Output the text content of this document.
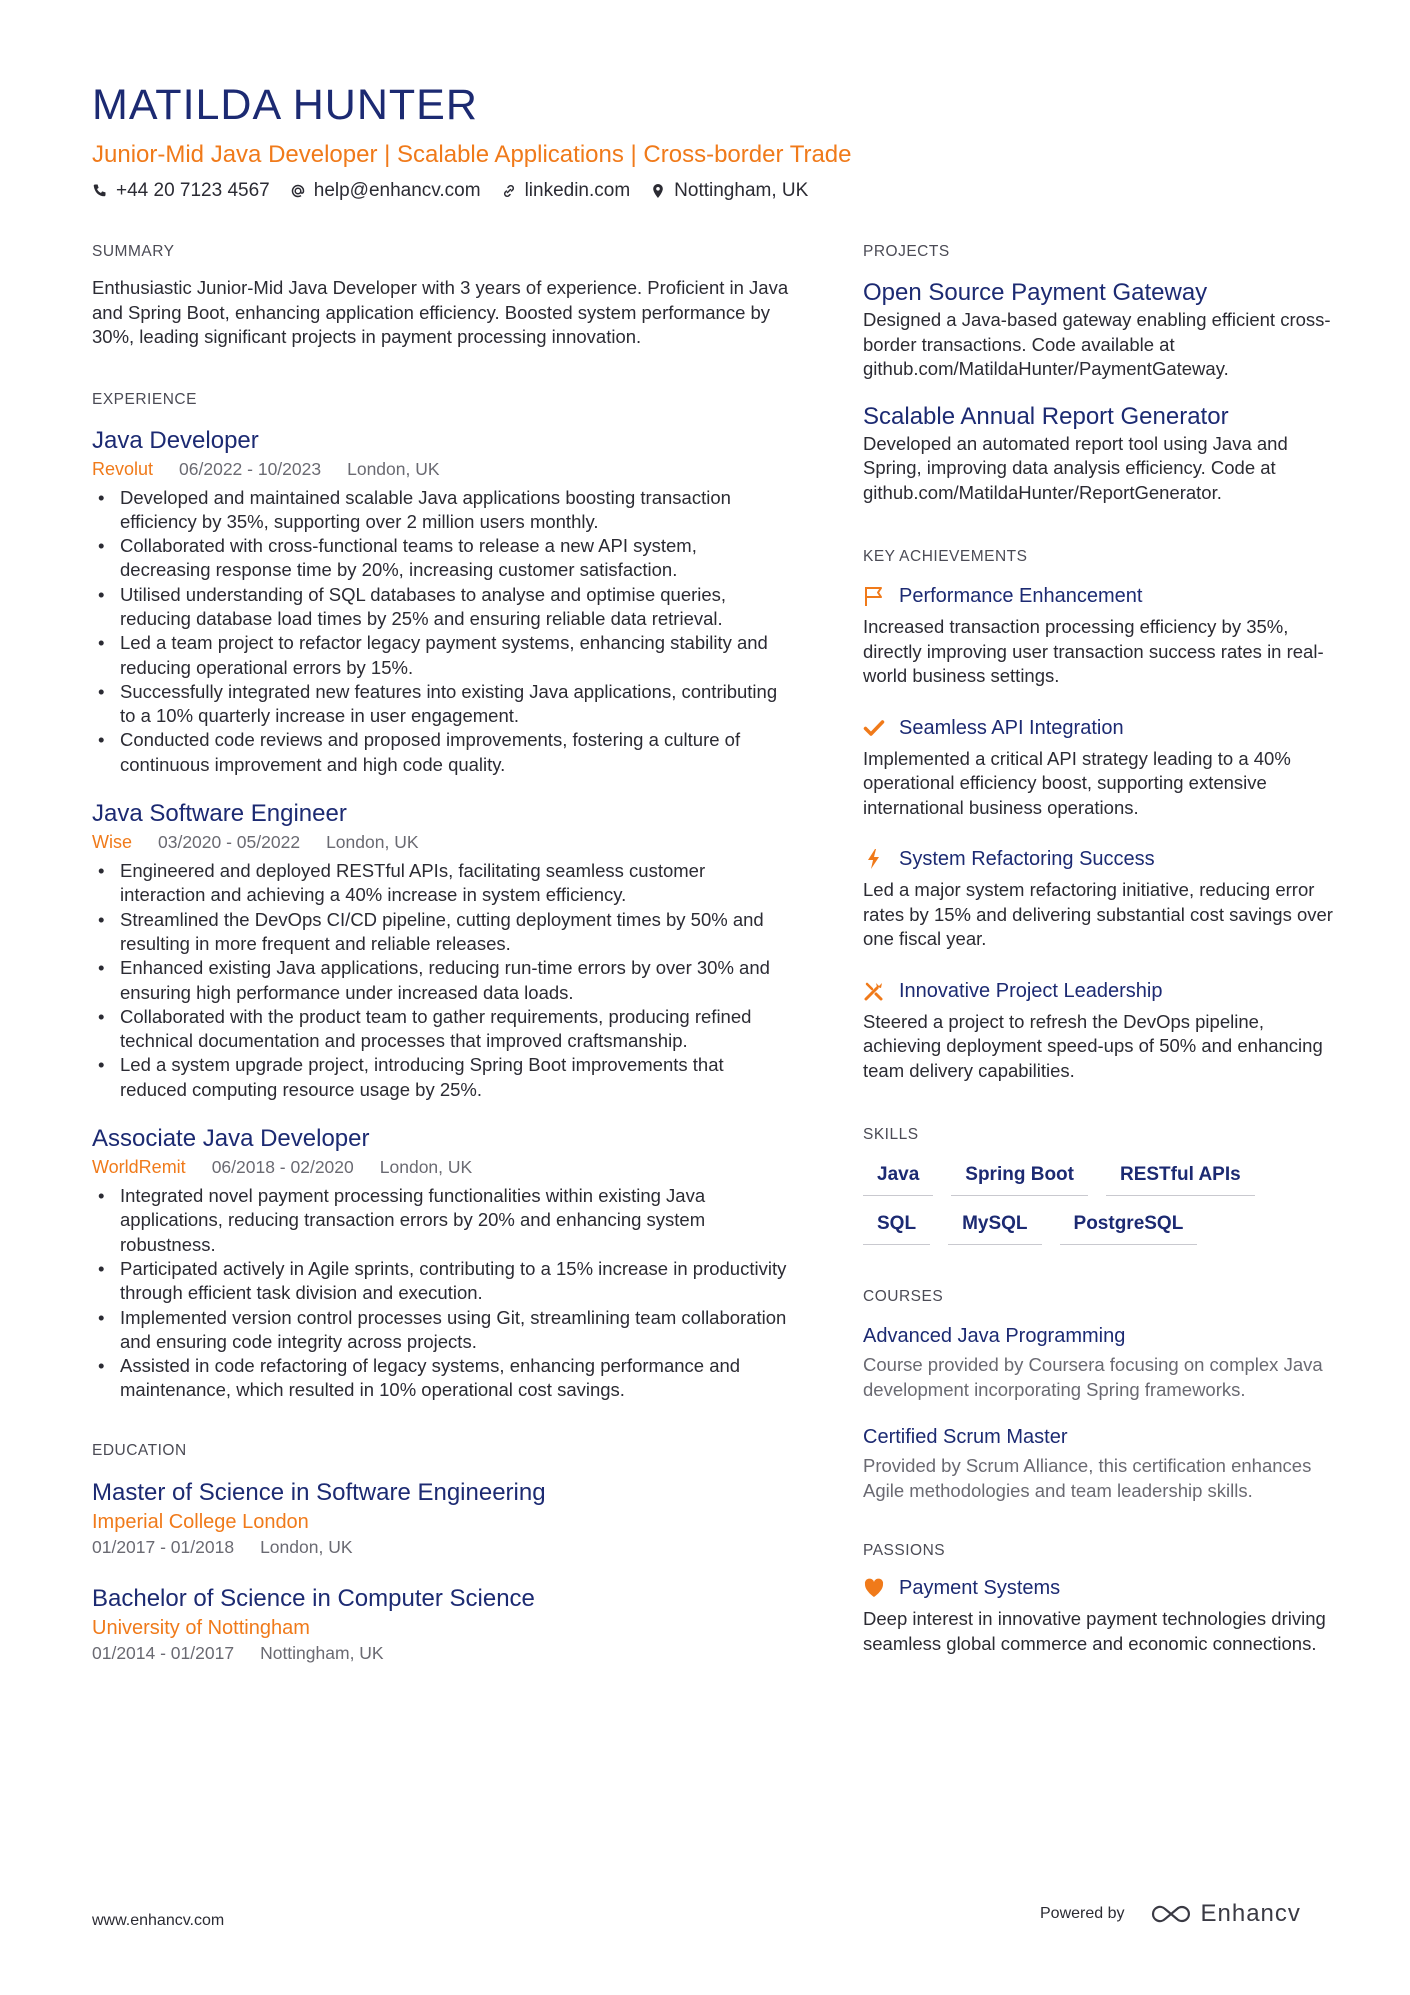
MATILDA HUNTER
Junior-Mid Java Developer | Scalable Applications | Cross-border Trade
+44 20 7123 4567 help@enhancv.com linkedin.com Nottingham, UK
SUMMARY
Enthusiastic Junior-Mid Java Developer with 3 years of experience. Proficient in Java and Spring Boot, enhancing application efficiency. Boosted system performance by 30%, leading significant projects in payment processing innovation.
EXPERIENCE
Java Developer
Revolut 06/2022 - 10/2023 London, UK
• Developed and maintained scalable Java applications boosting transaction efficiency by 35%, supporting over 2 million users monthly.
• Collaborated with cross-functional teams to release a new API system, decreasing response time by 20%, increasing customer satisfaction.
• Utilised understanding of SQL databases to analyse and optimise queries, reducing database load times by 25% and ensuring reliable data retrieval.
• Led a team project to refactor legacy payment systems, enhancing stability and reducing operational errors by 15%.
• Successfully integrated new features into existing Java applications, contributing to a 10% quarterly increase in user engagement.
• Conducted code reviews and proposed improvements, fostering a culture of continuous improvement and high code quality.
Java Software Engineer
Wise 03/2020 - 05/2022 London, UK
• Engineered and deployed RESTful APIs, facilitating seamless customer interaction and achieving a 40% increase in system efficiency.
• Streamlined the DevOps CI/CD pipeline, cutting deployment times by 50% and resulting in more frequent and reliable releases.
• Enhanced existing Java applications, reducing run-time errors by over 30% and ensuring high performance under increased data loads.
• Collaborated with the product team to gather requirements, producing refined technical documentation and processes that improved craftsmanship.
• Led a system upgrade project, introducing Spring Boot improvements that reduced computing resource usage by 25%.
Associate Java Developer
WorldRemit 06/2018 - 02/2020 London, UK
• Integrated novel payment processing functionalities within existing Java applications, reducing transaction errors by 20% and enhancing system robustness.
• Participated actively in Agile sprints, contributing to a 15% increase in productivity through efficient task division and execution.
• Implemented version control processes using Git, streamlining team collaboration and ensuring code integrity across projects.
• Assisted in code refactoring of legacy systems, enhancing performance and maintenance, which resulted in 10% operational cost savings.
EDUCATION
Master of Science in Software Engineering
Imperial College London
01/2017 - 01/2018 London, UK
Bachelor of Science in Computer Science
University of Nottingham
01/2014 - 01/2017 Nottingham, UK
PROJECTS
Open Source Payment Gateway
Designed a Java-based gateway enabling efficient cross-border transactions. Code available at github.com/MatildaHunter/PaymentGateway.
Scalable Annual Report Generator
Developed an automated report tool using Java and Spring, improving data analysis efficiency. Code at github.com/MatildaHunter/ReportGenerator.
KEY ACHIEVEMENTS
Performance Enhancement
Increased transaction processing efficiency by 35%, directly improving user transaction success rates in real-world business settings.
Seamless API Integration
Implemented a critical API strategy leading to a 40% operational efficiency boost, supporting extensive international business operations.
System Refactoring Success
Led a major system refactoring initiative, reducing error rates by 15% and delivering substantial cost savings over one fiscal year.
Innovative Project Leadership
Steered a project to refresh the DevOps pipeline, achieving deployment speed-ups of 50% and enhancing team delivery capabilities.
SKILLS
Java	Spring Boot	RESTful APIs
SQL	MySQL	PostgreSQL
COURSES
Advanced Java Programming
Course provided by Coursera focusing on complex Java development incorporating Spring frameworks.
Certified Scrum Master
Provided by Scrum Alliance, this certification enhances Agile methodologies and team leadership skills.
PASSIONS
Payment Systems
Deep interest in innovative payment technologies driving seamless global commerce and economic connections.
www.enhancv.com	Powered by	Enhancv
